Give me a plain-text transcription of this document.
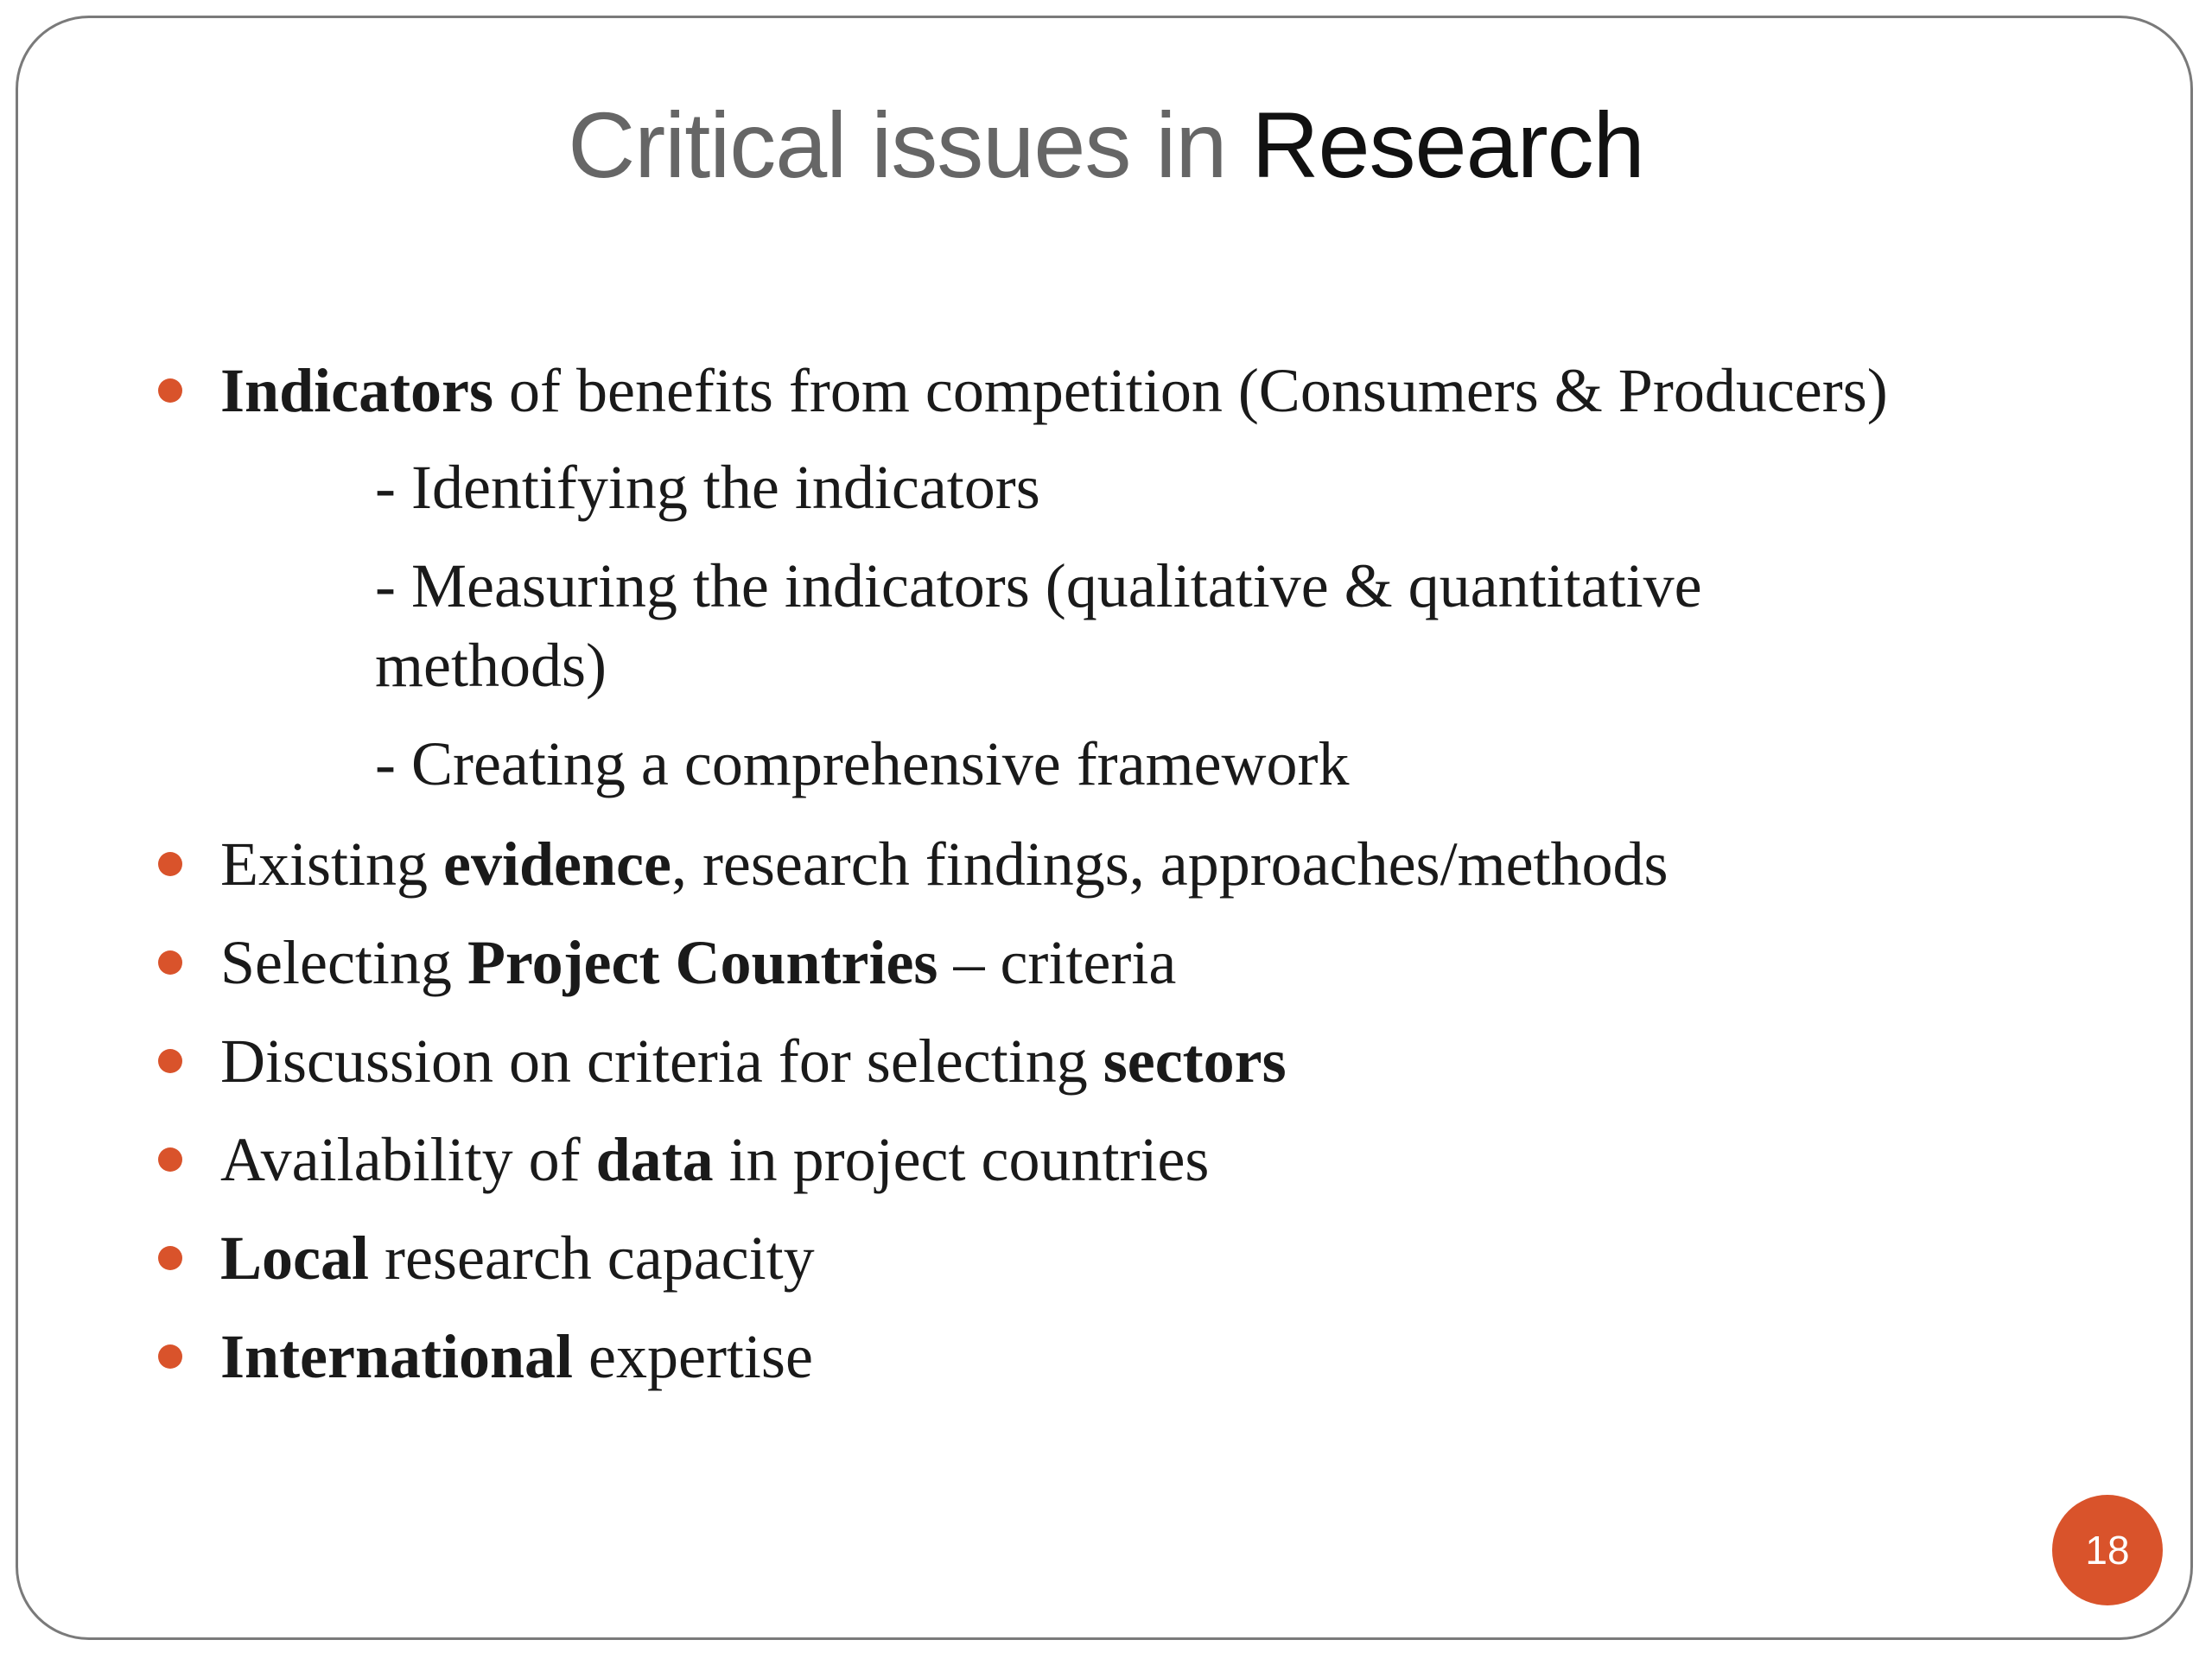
Critical issues in Research
Indicators of benefits from competition (Consumers & Producers)
- Identifying the indicators
- Measuring the indicators (qualitative & quantitative
methods)
- Creating a comprehensive framework
Existing evidence, research findings, approaches/methods
Selecting Project Countries – criteria
Discussion on criteria for selecting sectors
Availability of data in project countries
Local research capacity
International expertise
18
